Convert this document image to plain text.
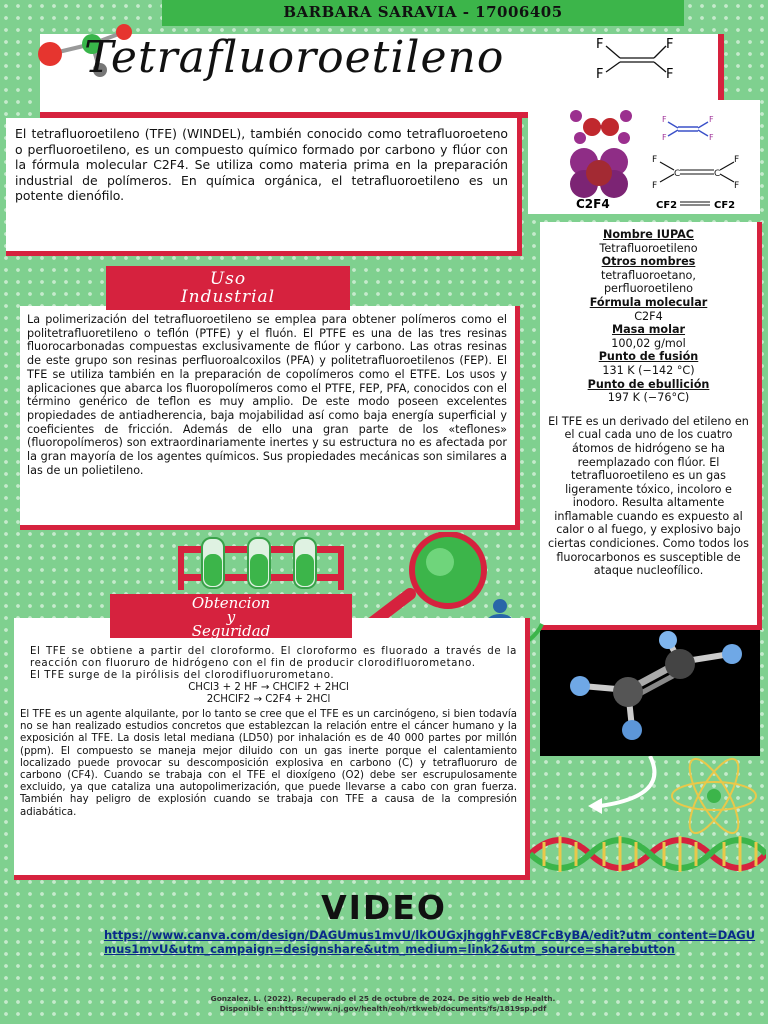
BARBARA SARAVIA - 17006405
Tetrafluoroetileno	F
F
F
F

El tetrafluoroetileno (TFE) (WINDEL), también conocido como tetrafluoroeteno o perfluoroetileno, es un compuesto químico formado por carbono y flúor con la fórmula molecular C2F4. Se utiliza como materia prima en la preparación industrial de polímeros. En química orgánica, el tetrafluoroetileno es un potente dienófilo.

C2F4
F
F
F
F
F
F
C	C
F
F
CF2	CF2
Nombre IUPAC
Tetrafluoroetileno
Otros nombres
tetrafluoroetano,
perfluoroetileno
Fórmula molecular
C2F4
Masa molar
100,02 g/mol
Punto de fusión
131 K (−142 °C)
Punto de ebullición
197 K (−76°C)

El TFE es un derivado del etileno en el cual cada uno de los cuatro átomos de hidrógeno se ha reemplazado con flúor. El tetrafluoroetileno es un gas ligeramente tóxico, incoloro e inodoro. Resulta altamente inflamable cuando es expuesto al calor o al fuego, y explosivo bajo ciertas condiciones. Como todos los fluorocarbonos es susceptible de ataque nucleofílico.

La polimerización del tetrafluoroetileno se emplea para obtener polímeros como el politetrafluoretileno o teflón (PTFE) y el fluón. El PTFE es una de las tres resinas fluorocarbonadas compuestas exclusivamente de flúor y carbono. Las otras resinas de este grupo son resinas perfluoroalcoxilos (PFA) y politetrafluoroetilenos (FEP). El TFE se utiliza también en la preparación de copolímeros como el ETFE. Los usos y aplicaciones que abarca los fluoropolímeros como el PTFE, FEP, PFA, conocidos con el término genérico de teflon es muy amplio. De este modo poseen excelentes propiedades de antiadherencia, baja mojabilidad así como baja energía superficial y coeficientes de fricción. Además de ello una gran parte de los «teflones» (fluoropolímeros) son extraordinariamente inertes y su estructura no es afectada por la gran mayoría de los agentes químicos. Sus propiedades mecánicas son similares a las de un polietileno.

Uso
Industrial

El TFE se obtiene a partir del cloroformo. El cloroformo es fluorado a través de la reacción con fluoruro de hidrógeno con el fin de producir clorodifluorometano.

El TFE surge de la pirólisis del clorodifluorurometano.

CHCl3 + 2 HF → CHClF2 + 2HCl

2CHClF2 → C2F4 + 2HCl

El TFE es un agente alquilante, por lo tanto se cree que el TFE es un carcinógeno, si bien todavía no se han realizado estudios concretos que establezcan la relación entre el cáncer humano y la exposición al TFE. La dosis letal mediana (LD50) por inhalación es de 40 000 partes por millón (ppm). El compuesto se maneja mejor diluido con un gas inerte porque el calentamiento localizado puede provocar su descomposición explosiva en carbono (C) y tetrafluoruro de carbono (CF4). Cuando se trabaja con el TFE el dioxígeno (O2) debe ser escrupulosamente excluido, ya que cataliza una autopolimerización, que puede llevarse a cabo con gran fuerza. También hay peligro de explosión cuando se trabaja con TFE a causa de la compresión adiabática.

Obtencion
y
Seguridad
VIDEO
https://www.canva.com/design/DAGUmus1mvU/lkOUGxjhgghFvE8CFcByBA/edit?utm_content=DAGUmus1mvU&utm_campaign=designshare&utm_medium=link2&utm_source=sharebutton
Gonzalez. L. (2022). Recuperado el 25 de octubre de 2024. De sitio web de Health.
Disponible en:https://www.nj.gov/health/eoh/rtkweb/documents/fs/1819sp.pdf
